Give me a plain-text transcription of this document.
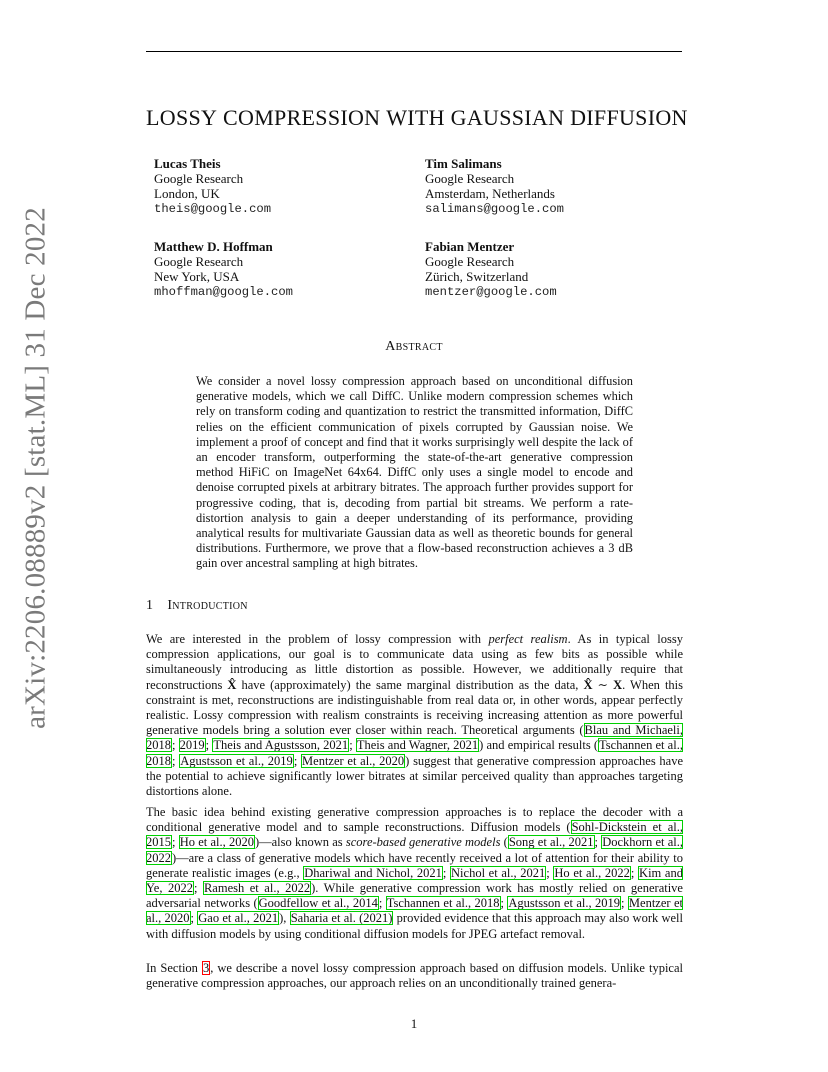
arXiv:2206.08889v2 [stat.ML] 31 Dec 2022
LOSSY COMPRESSION WITH GAUSSIAN DIFFUSION
Lucas Theis
Google Research
London, UK
theis@google.com
Tim Salimans
Google Research
Amsterdam, Netherlands
salimans@google.com
Matthew D. Hoffman
Google Research
New York, USA
mhoffman@google.com
Fabian Mentzer
Google Research
Zürich, Switzerland
mentzer@google.com
Abstract
We consider a novel lossy compression approach based on unconditional diffusion generative models, which we call DiffC. Unlike modern compression schemes which rely on transform coding and quantization to restrict the transmitted information, DiffC relies on the efficient communication of pixels corrupted by Gaussian noise. We implement a proof of concept and find that it works surprisingly well despite the lack of an encoder transform, outperforming the state-of-the-art generative compression method HiFiC on ImageNet 64x64. DiffC only uses a single model to encode and denoise corrupted pixels at arbitrary bitrates. The approach further provides support for progressive coding, that is, decoding from partial bit streams. We perform a rate-distortion analysis to gain a deeper understanding of its performance, providing analytical results for multivariate Gaussian data as well as theoretic bounds for general distributions. Furthermore, we prove that a flow-based reconstruction achieves a 3 dB gain over ancestral sampling at high bitrates.
1 Introduction
We are interested in the problem of lossy compression with perfect realism. As in typical lossy compression applications, our goal is to communicate data using as few bits as possible while simultaneously introducing as little distortion as possible. However, we additionally require that reconstructions X̂ have (approximately) the same marginal distribution as the data, X̂ ∼ X. When this constraint is met, reconstructions are indistinguishable from real data or, in other words, appear perfectly realistic. Lossy compression with realism constraints is receiving increasing attention as more powerful generative models bring a solution ever closer within reach. Theoretical arguments (Blau and Michaeli, 2018; 2019; Theis and Agustsson, 2021; Theis and Wagner, 2021) and empirical results (Tschannen et al., 2018; Agustsson et al., 2019; Mentzer et al., 2020) suggest that generative compression approaches have the potential to achieve significantly lower bitrates at similar perceived quality than approaches targeting distortions alone.
The basic idea behind existing generative compression approaches is to replace the decoder with a conditional generative model and to sample reconstructions. Diffusion models (Sohl-Dickstein et al., 2015; Ho et al., 2020)—also known as score-based generative models (Song et al., 2021; Dockhorn et al., 2022)—are a class of generative models which have recently received a lot of attention for their ability to generate realistic images (e.g., Dhariwal and Nichol, 2021; Nichol et al., 2021; Ho et al., 2022; Kim and Ye, 2022; Ramesh et al., 2022). While generative compression work has mostly relied on generative adversarial networks (Goodfellow et al., 2014; Tschannen et al., 2018; Agustsson et al., 2019; Mentzer et al., 2020; Gao et al., 2021), Saharia et al. (2021) provided evidence that this approach may also work well with diffusion models by using conditional diffusion models for JPEG artefact removal.
In Section 3, we describe a novel lossy compression approach based on diffusion models. Unlike typical generative compression approaches, our approach relies on an unconditionally trained genera-
1
